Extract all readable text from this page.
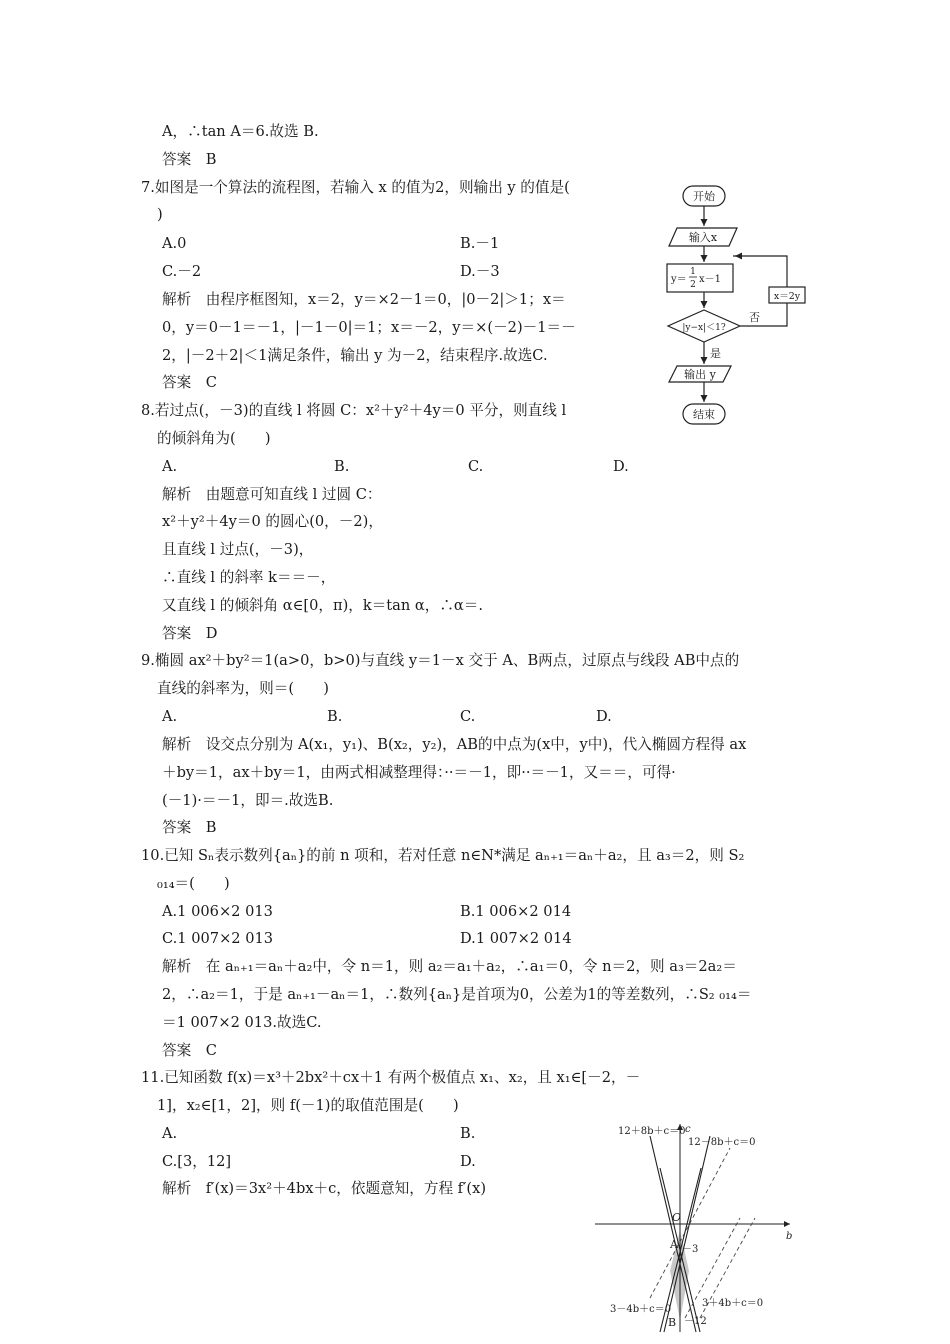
A，∴tan A＝6.故选 B.
答案　B
7.如图是一个算法的流程图，若输入 x 的值为2，则输出 y 的值是(
)
A.0	B.－1
C.－2	D.－3
解析　由程序框图知，x＝2，y＝×2－1＝0，|0－2|＞1；x＝
0，y＝0－1＝－1，|－1－0|＝1；x＝－2，y＝×(－2)－1＝－
2，|－2＋2|＜1满足条件，输出 y 为－2，结束程序.故选C.
答案　C
8.若过点(，－3)的直线 l 将圆 C：x²＋y²＋4y＝0 平分，则直线 l
的倾斜角为(　　)
A.	B.	C.	D.
解析　由题意可知直线 l 过圆 C：
x²＋y²＋4y＝0 的圆心(0，－2)，
且直线 l 过点(，－3)，
∴直线 l 的斜率 k＝＝－，
又直线 l 的倾斜角 α∈[0，π)，k＝tan α，∴α＝.
答案　D
9.椭圆 ax²＋by²＝1(a>0，b>0)与直线 y＝1－x 交于 A、B两点，过原点与线段 AB中点的
直线的斜率为，则＝(　　)
A.	B.	C.	D.
解析　设交点分别为 A(x₁，y₁)、B(x₂，y₂)，AB的中点为(x中，y中)，代入椭圆方程得 ax
＋by＝1，ax＋by＝1，由两式相减整理得：··＝－1，即··＝－1，又＝＝，可得·
(－1)·＝－1，即＝.故选B.
答案　B
10.已知 Sₙ表示数列{aₙ}的前 n 项和，若对任意 n∈N*满足 aₙ₊₁＝aₙ＋a₂，且 a₃＝2，则 S₂
₀₁₄＝(　　)
A.1 006×2 013	B.1 006×2 014
C.1 007×2 013	D.1 007×2 014
解析　在 aₙ₊₁＝aₙ＋a₂中，令 n＝1，则 a₂＝a₁＋a₂，∴a₁＝0，令 n＝2，则 a₃＝2a₂＝
2，∴a₂＝1，于是 aₙ₊₁－aₙ＝1，∴数列{aₙ}是首项为0，公差为1的等差数列，∴S₂ ₀₁₄＝
＝1 007×2 013.故选C.
答案　C
11.已知函数 f(x)＝x³＋2bx²＋cx＋1 有两个极值点 x₁、x₂，且 x₁∈[－2，－
1]，x₂∈[1，2]，则 f(－1)的取值范围是(　　)
A.	B.
C.[3，12]	D.
解析　f′(x)＝3x²＋4bx＋c，依题意知，方程 f′(x)
开始
输入x
y＝
1
2 x－1
|y−x|＜1?
否
是
x＝2y
输出 y
结束
12＋8b＋c＝0
12－8b＋c＝0
c
b
O
A －3
3－4b＋c＝0
3＋4b＋c＝0
B －12
